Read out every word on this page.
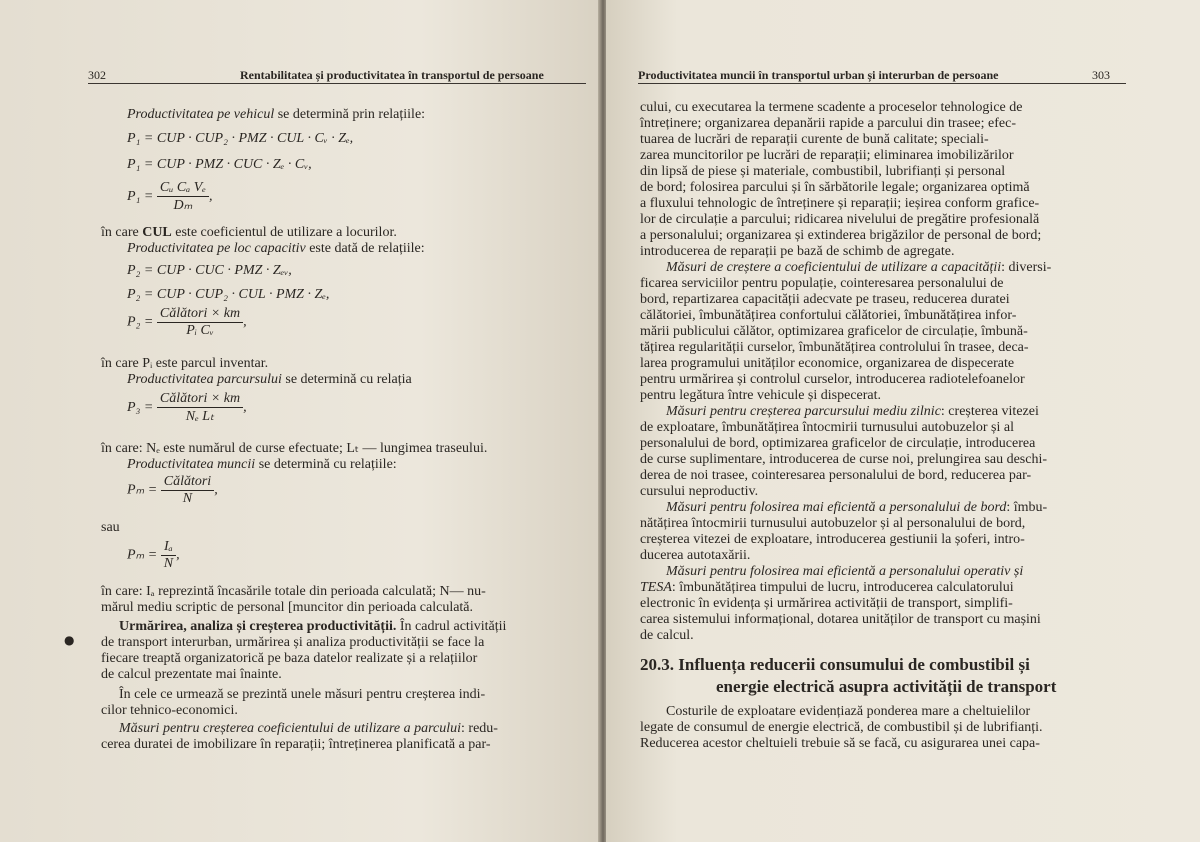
302	Rentabilitatea și productivitatea în transportul de persoane
Productivitatea pe vehicul se determină prin relațiile:
P₁ = CUP · CUP₂ · PMZ · CUL · Cᵥ · Zₑ,
P₁ = CUP · PMZ · CUC · Zₑ · Cᵥ,
$P_1 = \frac{\text{Cᵤ Cₐ Vₑ}}{\text{Dₘ}}$ ,
în care CUL este coeficientul de utilizare a locurilor.
Productivitatea pe loc capacitiv este dată de relațiile:
P₂ = CUP · CUC · PMZ · Zₑᵥ,
P₂ = CUP · CUP₂ · CUL · PMZ · Zₑ,
$P_2 = \frac{\text{Călători × km}}{\text{Pᵢ Cᵥ}}$ ,
în care Pᵢ este parcul inventar.
Productivitatea parcursului se determină cu relația
$P_3 = \frac{\text{Călători × km}}{\text{Nₑ Lₜ}}$ ,
în care: Nₑ este numărul de curse efectuate; Lₜ — lungimea traseului.
Productivitatea muncii se determină cu relațiile:
$P_m = \frac{\text{Călători}}{N}$ ,
sau
$P_m = \frac{\text{Iₐ}}{N}$ ,
în care: Iₐ reprezintă încasările totale din perioada calculată; N— nu-
mărul mediu scriptic de personal [muncitor din perioada calculată.
●
Urmărirea, analiza și creșterea productivității. În cadrul activității
de transport interurban, urmărirea și analiza productivității se face la
fiecare treaptă organizatorică pe baza datelor realizate și a relațiilor
de calcul prezentate mai înainte.
În cele ce urmează se prezintă unele măsuri pentru creșterea indi-
cilor tehnico-economici.
Măsuri pentru creșterea coeficientului de utilizare a parcului: redu-
cerea duratei de imobilizare în reparații; întreținerea planificată a par-
Productivitatea muncii în transportul urban și interurban de persoane	303
cului, cu executarea la termene scadente a proceselor tehnologice de
întreținere; organizarea depanării rapide a parcului din trasee; efec-
tuarea de lucrări de reparații curente de bună calitate; speciali-
zarea muncitorilor pe lucrări de reparații; eliminarea imobilizărilor
din lipsă de piese și materiale, combustibil, lubrifianți și personal
de bord; folosirea parcului și în sărbătorile legale; organizarea optimă
a fluxului tehnologic de întreținere și reparații; ieșirea conform grafice-
lor de circulație a parcului; ridicarea nivelului de pregătire profesională
a personalului; organizarea și extinderea brigăzilor de personal de bord;
introducerea de reparații pe bază de schimb de agregate.
Măsuri de creștere a coeficientului de utilizare a capacității: diversi-
ficarea serviciilor pentru populație, cointeresarea personalului de
bord, repartizarea capacității adecvate pe traseu, reducerea duratei
călătoriei, îmbunătățirea confortului călătoriei, îmbunătățirea infor-
mării publicului călător, optimizarea graficelor de circulație, îmbună-
tățirea regularității curselor, îmbunătățirea controlului în trasee, deca-
larea programului unităților economice, organizarea de dispecerate
pentru urmărirea și controlul curselor, introducerea radiotelefoanelor
pentru legătura între vehicule și dispecerat.
Măsuri pentru creșterea parcursului mediu zilnic: creșterea vitezei
de exploatare, îmbunătățirea întocmirii turnusului autobuzelor și al
personalului de bord, optimizarea graficelor de circulație, introducerea
de curse suplimentare, introducerea de curse noi, prelungirea sau deschi-
derea de noi trasee, cointeresarea personalului de bord, reducerea par-
cursului neproductiv.
Măsuri pentru folosirea mai eficientă a personalului de bord: îmbu-
nătățirea întocmirii turnusului autobuzelor și al personalului de bord,
creșterea vitezei de exploatare, introducerea gestiunii la șoferi, intro-
ducerea autotaxării.
Măsuri pentru folosirea mai eficientă a personalului operativ și
TESA: îmbunătățirea timpului de lucru, introducerea calculatorului
electronic în evidența și urmărirea activității de transport, simplifi-
carea sistemului informațional, dotarea unităților de transport cu mașini
de calcul.
Costurile de exploatare evidențiază ponderea mare a cheltuielilor
legate de consumul de energie electrică, de combustibil și de lubrifianți.
Reducerea acestor cheltuieli trebuie să se facă, cu asigurarea unei capa-
20.3. Influența reducerii consumului de combustibil și
energie electrică asupra activității de transport
